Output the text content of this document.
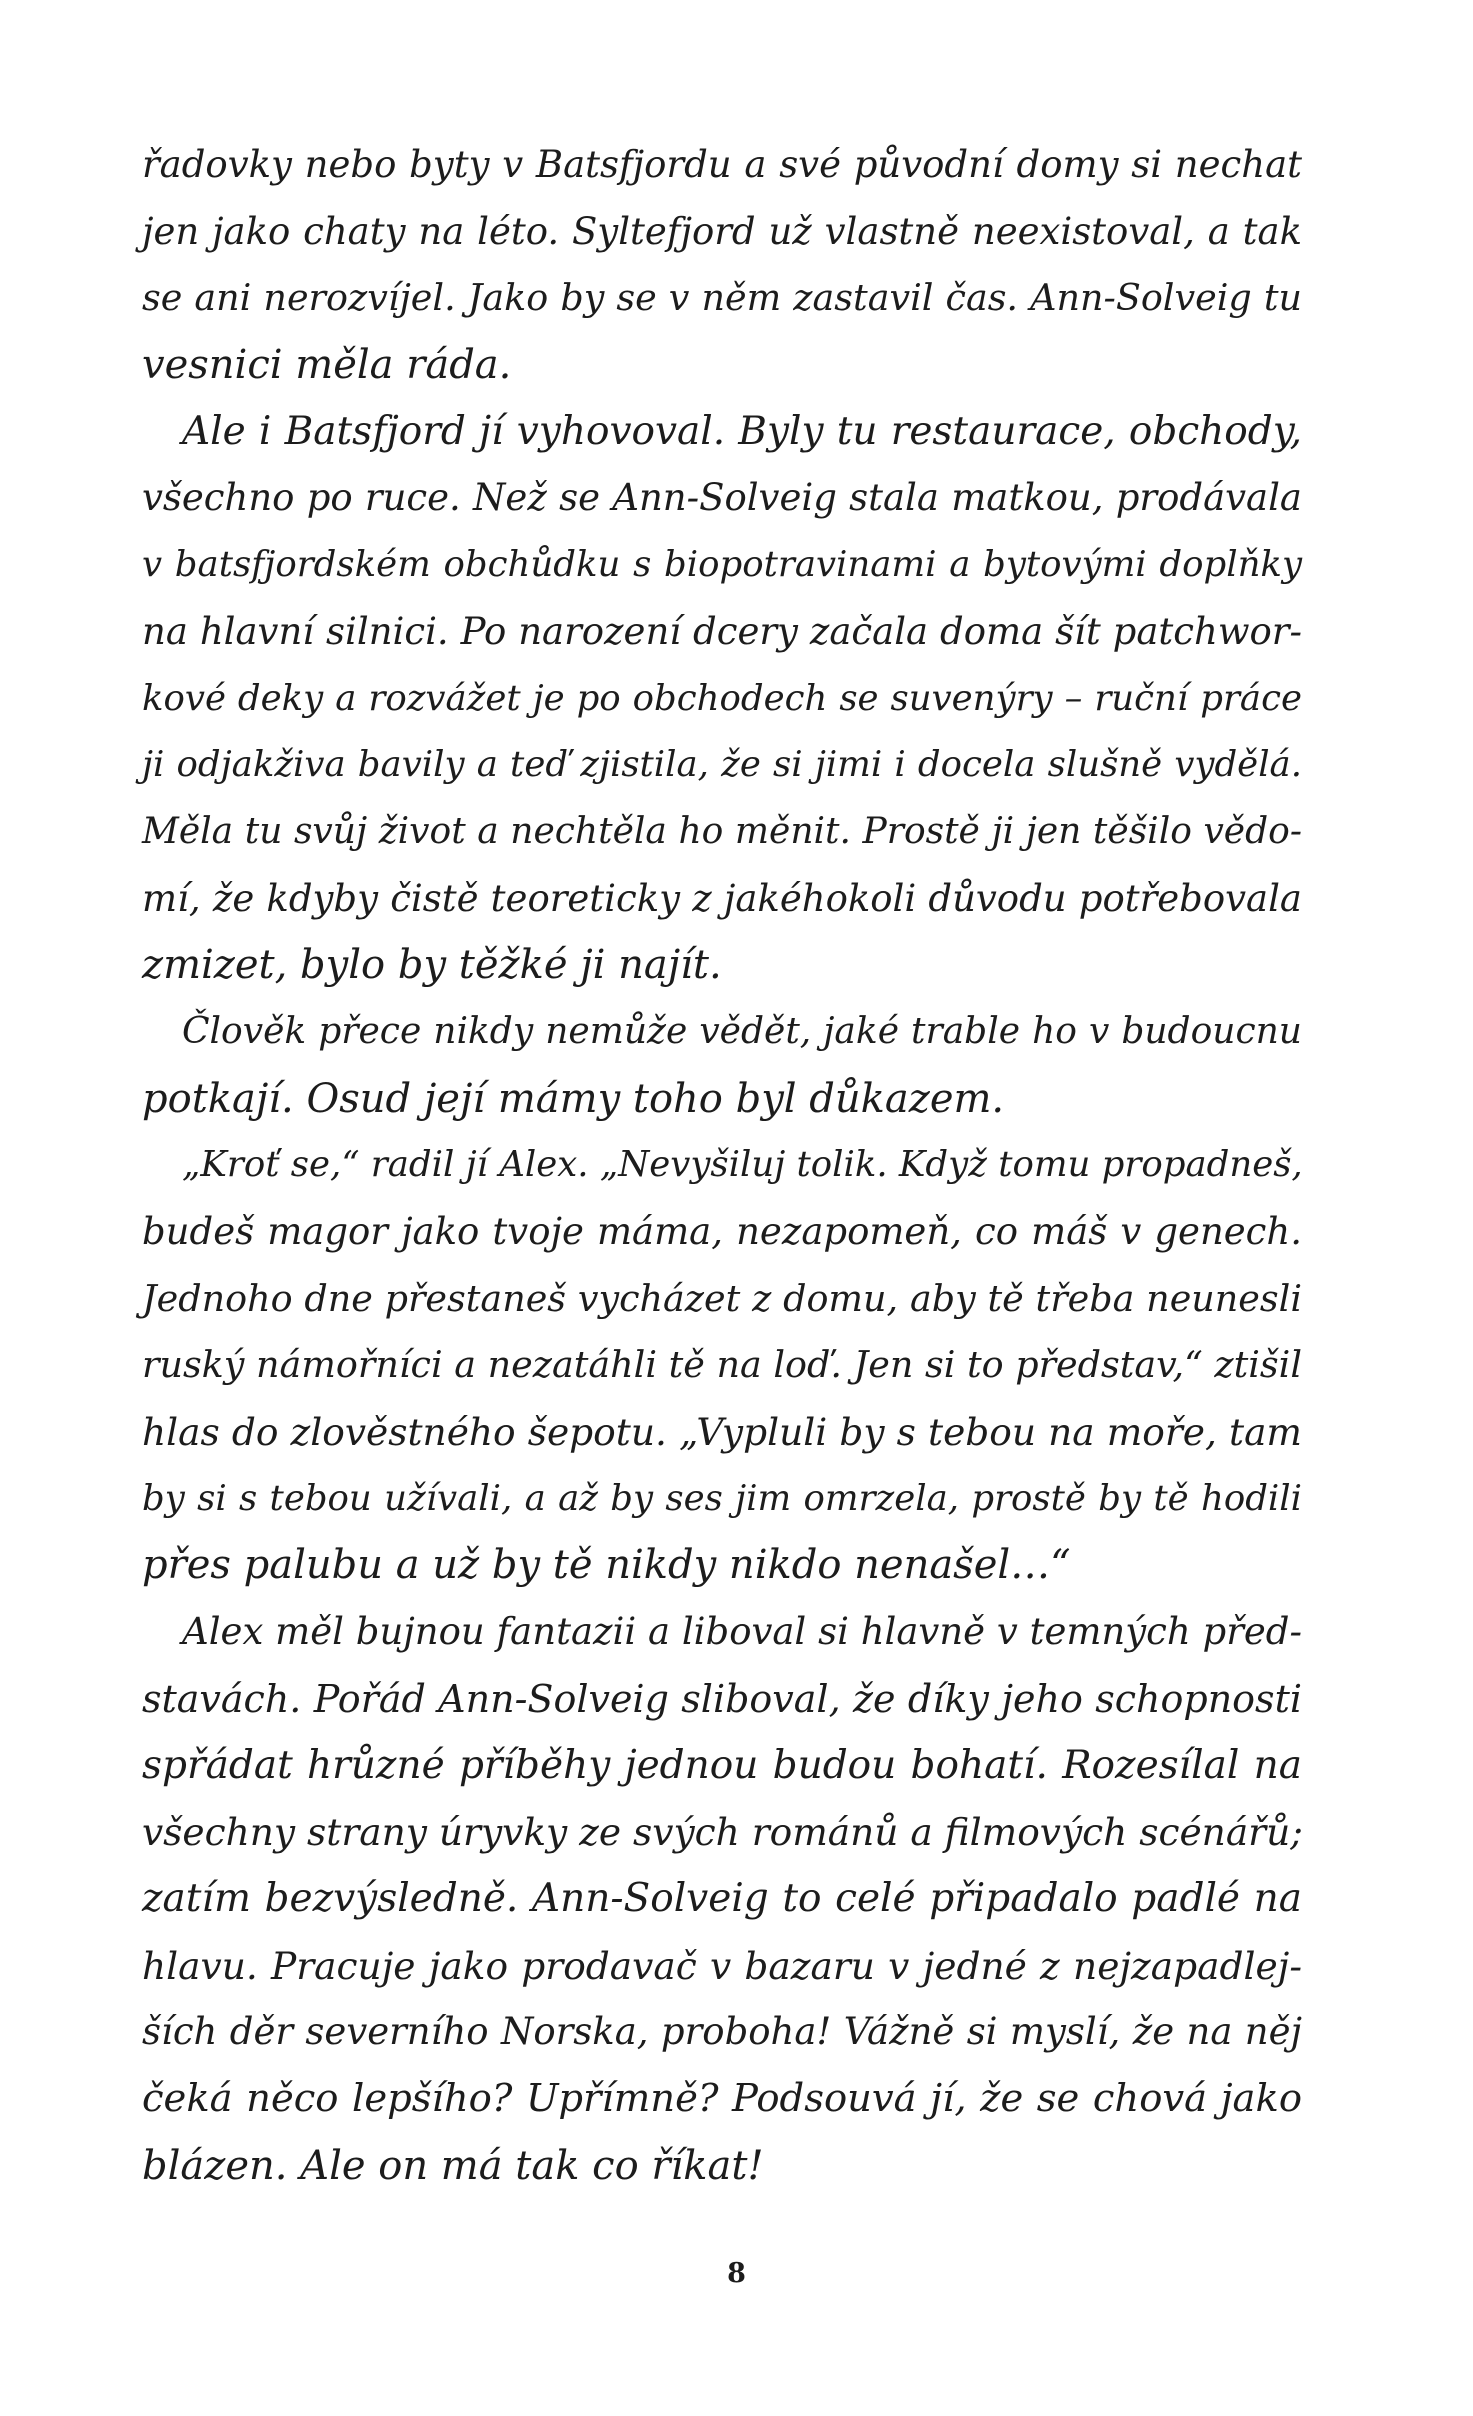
řadovky nebo byty v Batsfjordu a své původní domy si nechat
jen jako chaty na léto. Syltefjord už vlastně neexistoval, a tak
se ani nerozvíjel. Jako by se v něm zastavil čas. Ann-Solveig tu
vesnici měla ráda.
Ale i Batsfjord jí vyhovoval. Byly tu restaurace, obchody,
všechno po ruce. Než se Ann-Solveig stala matkou, prodávala
v batsfjordském obchůdku s biopotravinami a bytovými doplňky
na hlavní silnici. Po narození dcery začala doma šít patchwor-
kové deky a rozvážet je po obchodech se suvenýry – ruční práce
ji odjakživa bavily a teď zjistila, že si jimi i docela slušně vydělá.
Měla tu svůj život a nechtěla ho měnit. Prostě ji jen těšilo vědo-
mí, že kdyby čistě teoreticky z jakéhokoli důvodu potřebovala
zmizet, bylo by těžké ji najít.
Člověk přece nikdy nemůže vědět, jaké trable ho v budoucnu
potkají. Osud její mámy toho byl důkazem.
„Kroť se,“ radil jí Alex. „Nevyšiluj tolik. Když tomu propadneš,
budeš magor jako tvoje máma, nezapomeň, co máš v genech.
Jednoho dne přestaneš vycházet z domu, aby tě třeba neunesli
ruský námořníci a nezatáhli tě na loď. Jen si to představ,“ ztišil
hlas do zlověstného šepotu. „Vypluli by s tebou na moře, tam
by si s tebou užívali, a až by ses jim omrzela, prostě by tě hodili
přes palubu a už by tě nikdy nikdo nenašel…“
Alex měl bujnou fantazii a liboval si hlavně v temných před-
stavách. Pořád Ann-Solveig sliboval, že díky jeho schopnosti
spřádat hrůzné příběhy jednou budou bohatí. Rozesílal na
všechny strany úryvky ze svých románů a filmových scénářů;
zatím bezvýsledně. Ann-Solveig to celé připadalo padlé na
hlavu. Pracuje jako prodavač v bazaru v jedné z nejzapadlej-
ších děr severního Norska, proboha! Vážně si myslí, že na něj
čeká něco lepšího? Upřímně? Podsouvá jí, že se chová jako
blázen. Ale on má tak co říkat!
8
